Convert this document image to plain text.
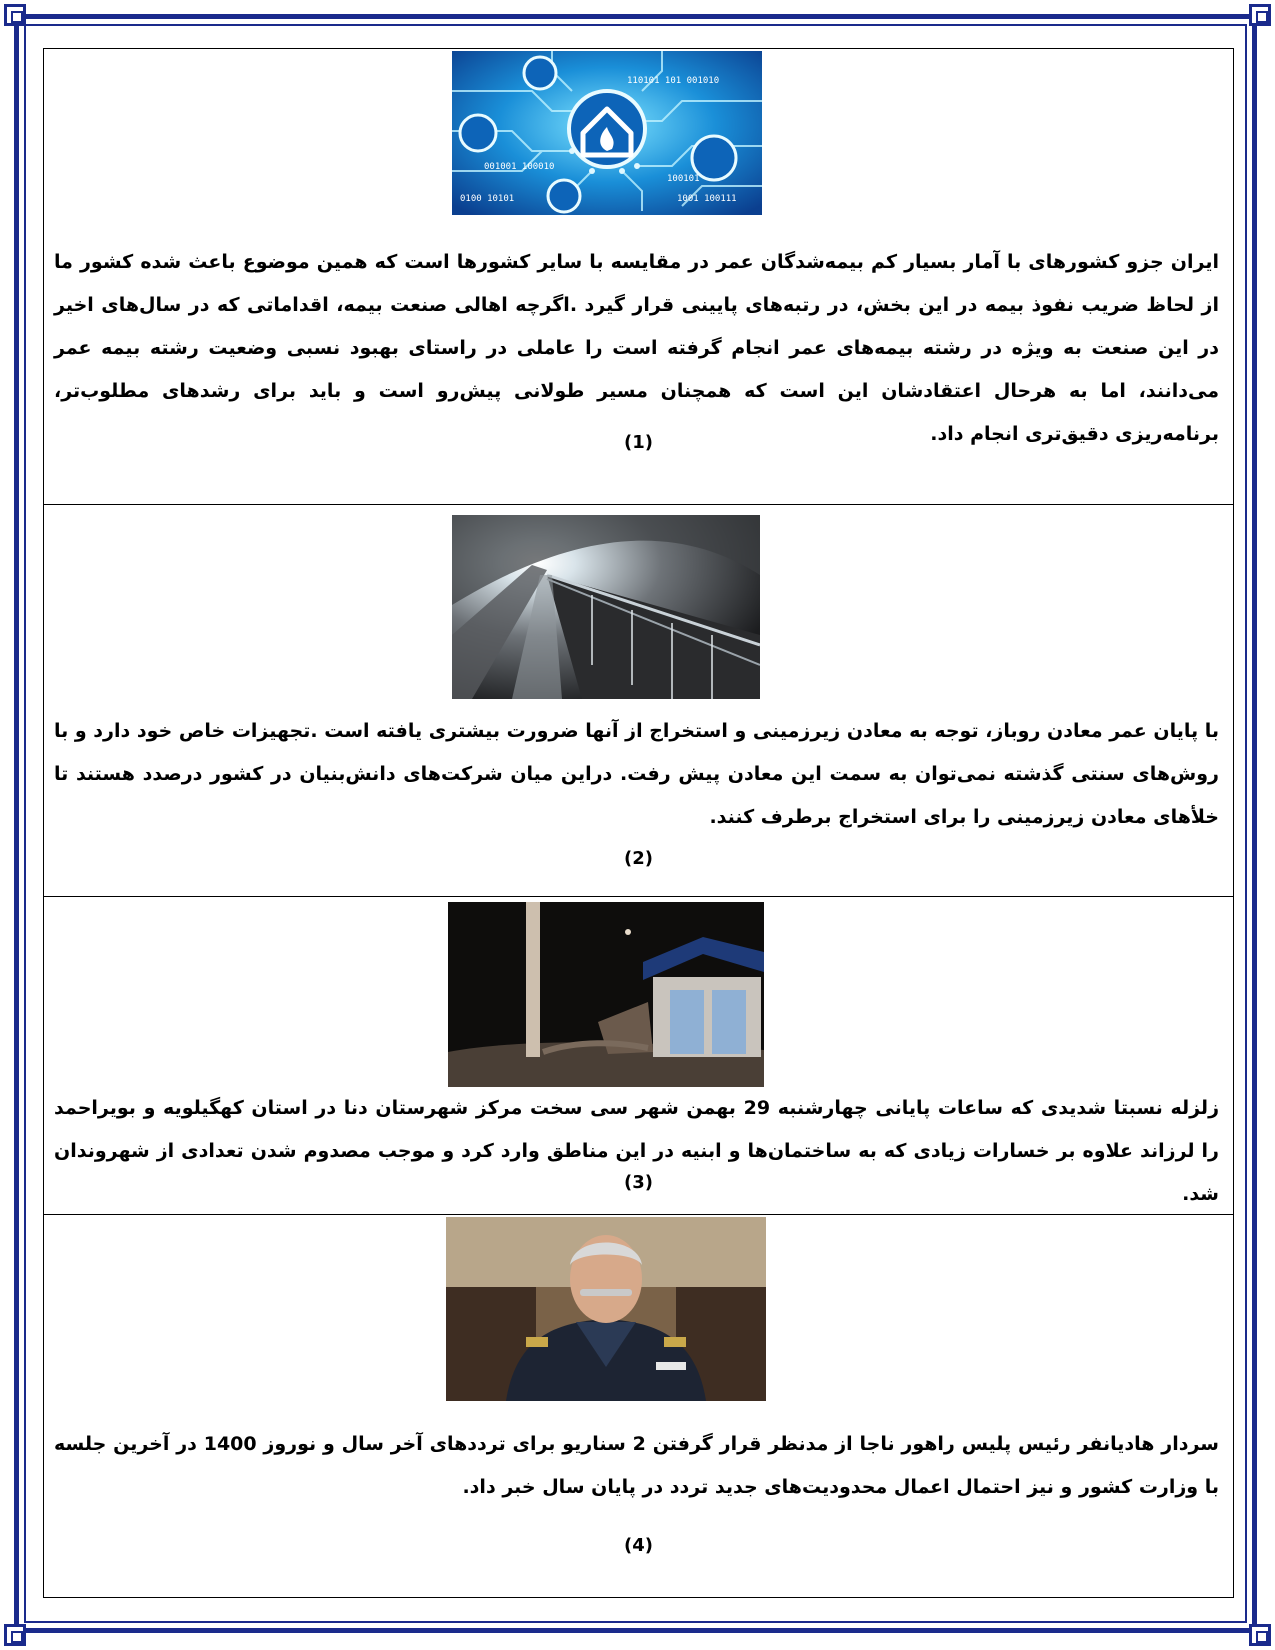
110101 101 001010
001001 100010
100101
0100 10101	1001 100111

ایران جزو کشورهای با آمار بسیار کم بیمه‌شدگان عمر در مقایسه با سایر کشورها است که همین موضوع باعث شده کشور ما از لحاظ ضریب نفوذ بیمه در این بخش، در رتبه‌های پایینی قرار گیرد .اگرچه اهالی صنعت بیمه، اقداماتی که در سال‌های اخیر در این صنعت به ویژه در رشته بیمه‌های عمر انجام گرفته است را عاملی در راستای بهبود نسبی وضعیت رشته بیمه عمر می‌دانند، اما به هرحال اعتقادشان این است که همچنان مسیر طولانی پیش‌رو است و باید برای رشدهای مطلوب‌تر، برنامه‌ریزی دقیق‌تری انجام داد.

(1)

با پایان عمر معادن روباز، توجه به معادن زیرزمینی و استخراج از آنها ضرورت بیشتری یافته است .تجهیزات خاص خود دارد و با روش‌های سنتی گذشته نمی‌توان به سمت این معادن پیش رفت. دراین میان شرکت‌های دانش‌بنیان در کشور درصدد هستند تا خلأهای معادن زیرزمینی را برای استخراج برطرف کنند.

(2)

زلزله نسبتا شدیدی که ساعات پایانی چهارشنبه 29 بهمن شهر سی سخت مرکز شهرستان دنا در استان کهگیلویه و بویراحمد را لرزاند علاوه بر خسارات زیادی که به ساختمان‌ها و ابنیه در این مناطق وارد کرد و موجب مصدوم شدن تعدادی از شهروندان شد.

(3)

سردار هادیانفر رئیس پلیس راهور ناجا از مدنظر قرار گرفتن 2 سناریو برای ترددهای آخر سال و نوروز 1400 در آخرین جلسه با وزارت کشور و نیز احتمال اعمال محدودیت‌های جدید تردد در پایان سال خبر داد.

(4)
